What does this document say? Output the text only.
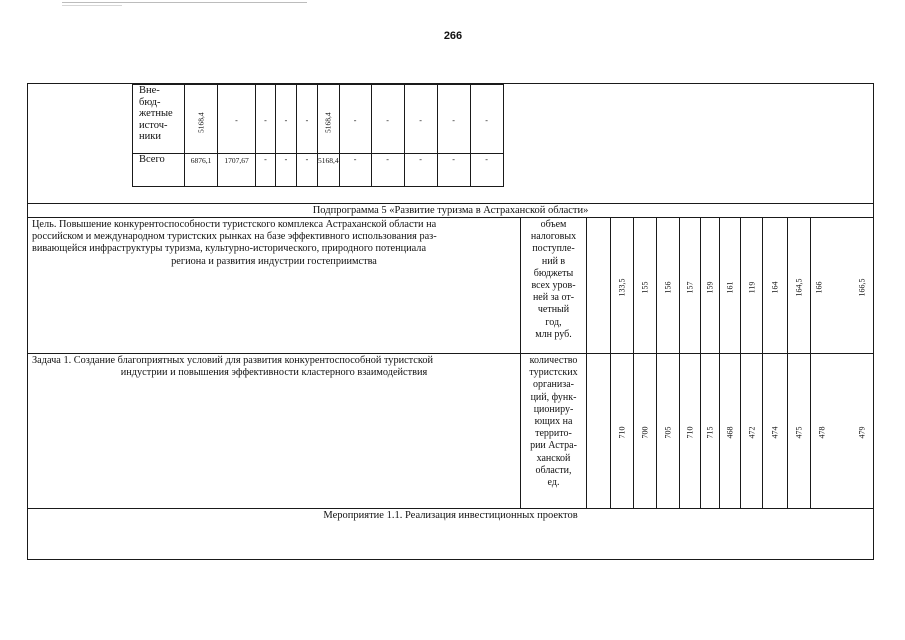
266
Вне-
бюд-
жетные
источ-
ники	5168,4	-	-	-	-	5168,4	-	-	-	-	-
Всего	6876,1	1707,67	-	-	-	5168,4	-	-	-	-	-

Подпрограмма 5 «Развитие туризма в Астраханской области»
Цель. Повышение конкурентоспособности туристского комплекса Астраханской области на
российском и международном туристских рынках на базе эффективного использования раз-
вивающейся инфраструктуры туризма, культурно-исторического, природного потенциала
региона и развития индустрии гостеприимства
	объем
налоговых
поступле-
ний в
бюджеты
всех уров-
ней за от-
четный
год,
млн руб.		133,5	155	156	157	159	161	119	164	164,5	166	166,5
Задача 1. Создание благоприятных условий для развития конкурентоспособной туристской
индустрии и повышения эффективности кластерного взаимодействия
	количество
туристских
организа-
ций, функ-
циониру-
ющих на
террито-
рии Астра-
ханской
области,
ед.		710	700	705	710	715	468	472	474	475	478	479
Мероприятие 1.1. Реализация инвестиционных проектов
